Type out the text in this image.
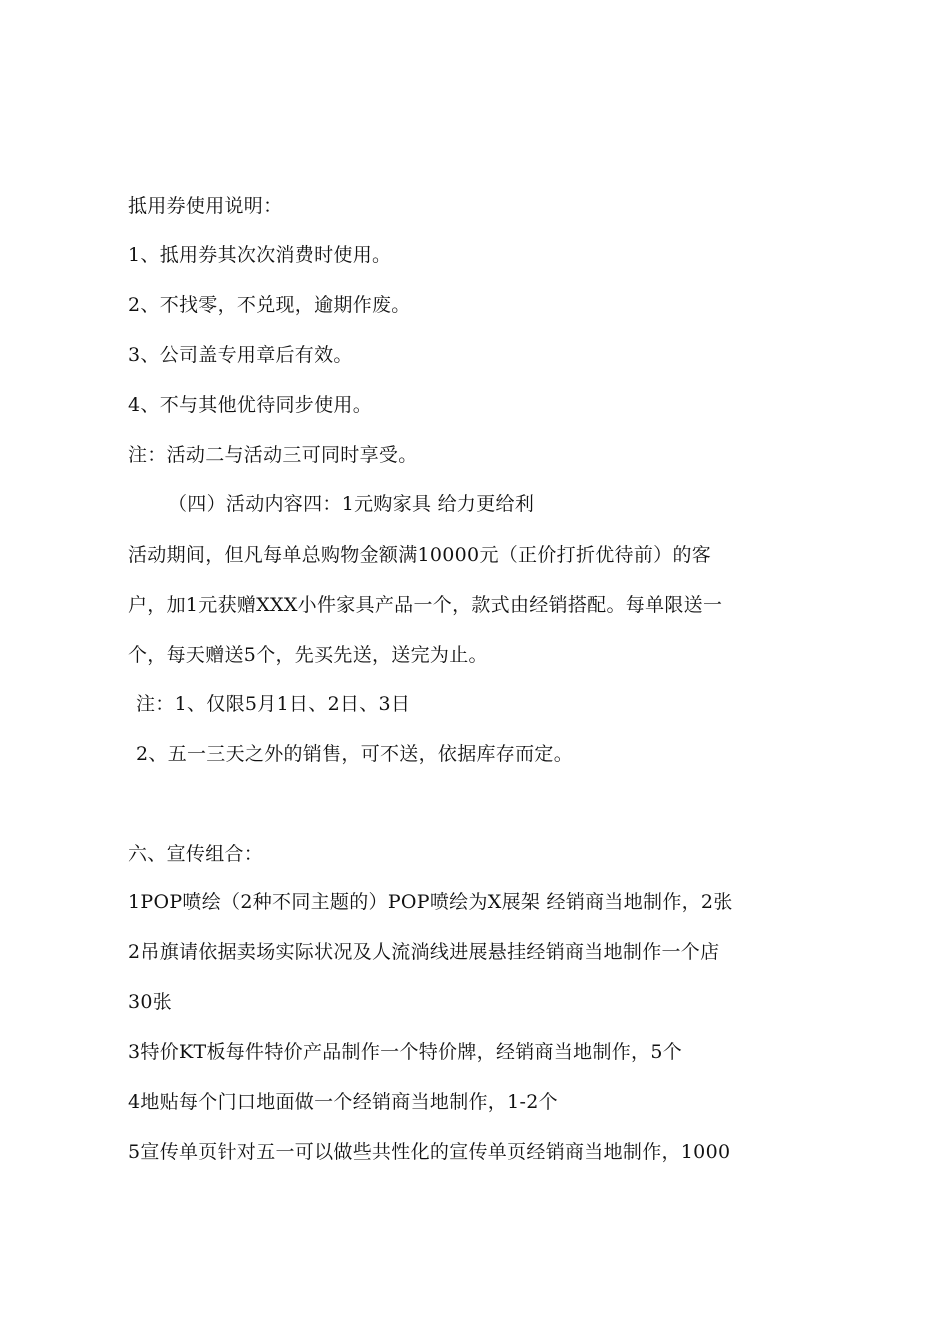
抵用券使用说明：
1、抵用券其次次消费时使用。
2、不找零，不兑现，逾期作废。
3、公司盖专用章后有效。
4、不与其他优待同步使用。
注：活动二与活动三可同时享受。
（四）活动内容四：1元购家具 给力更给利
活动期间，但凡每单总购物金额满10000元（正价打折优待前）的客
户，加1元获赠XXX小件家具产品一个，款式由经销搭配。每单限送一
个，每天赠送5个，先买先送，送完为止。
注：1、仅限5月1日、2日、3日
2、五一三天之外的销售，可不送，依据库存而定。
六、宣传组合：
1POP喷绘（2种不同主题的）POP喷绘为X展架 经销商当地制作，2张
2吊旗请依据卖场实际状况及人流淌线进展悬挂经销商当地制作一个店
30张
3特价KT板每件特价产品制作一个特价牌，经销商当地制作，5个
4地贴每个门口地面做一个经销商当地制作，1-2个
5宣传单页针对五一可以做些共性化的宣传单页经销商当地制作，1000
